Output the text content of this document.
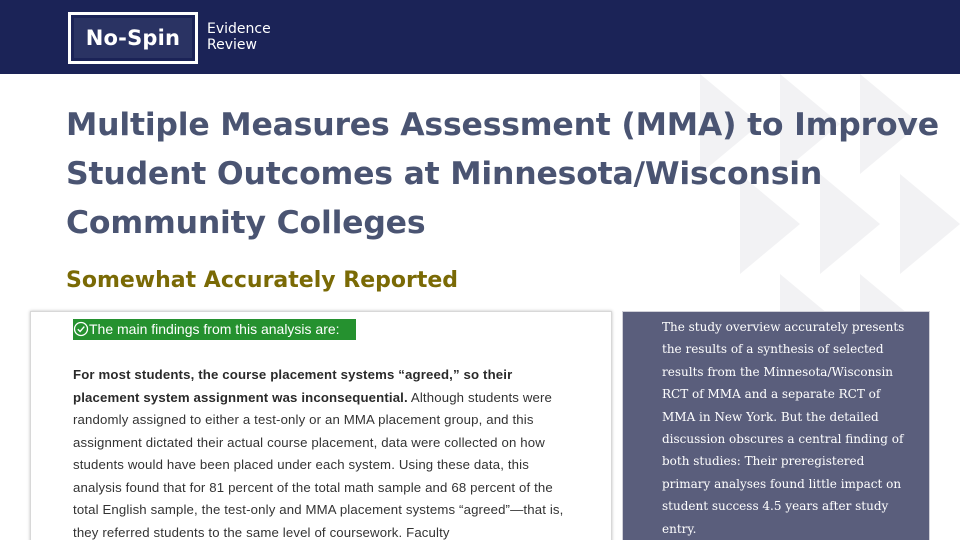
No-Spin Evidence
Review
Multiple Measures Assessment (MMA) to Improve Student Outcomes at Minnesota/Wisconsin Community Colleges
Somewhat Accurately Reported
The main findings from this analysis are:

For most students, the course placement systems “agreed,” so their placement system assignment was inconsequential. Although students were randomly assigned to either a test-only or an MMA placement group, and this assignment dictated their actual course placement, data were collected on how students would have been placed under each system. Using these data, this analysis found that for 81 percent of the total math sample and 68 percent of the total English sample, the test-only and MMA placement systems “agreed”—that is, they referred students to the same level of coursework. Faculty

The study overview accurately presents the results of a synthesis of selected results from the Minnesota/Wisconsin RCT of MMA and a separate RCT of MMA in New York. But the detailed discussion obscures a central finding of both studies: Their preregistered primary analyses found little impact on student success 4.5 years after study entry.
